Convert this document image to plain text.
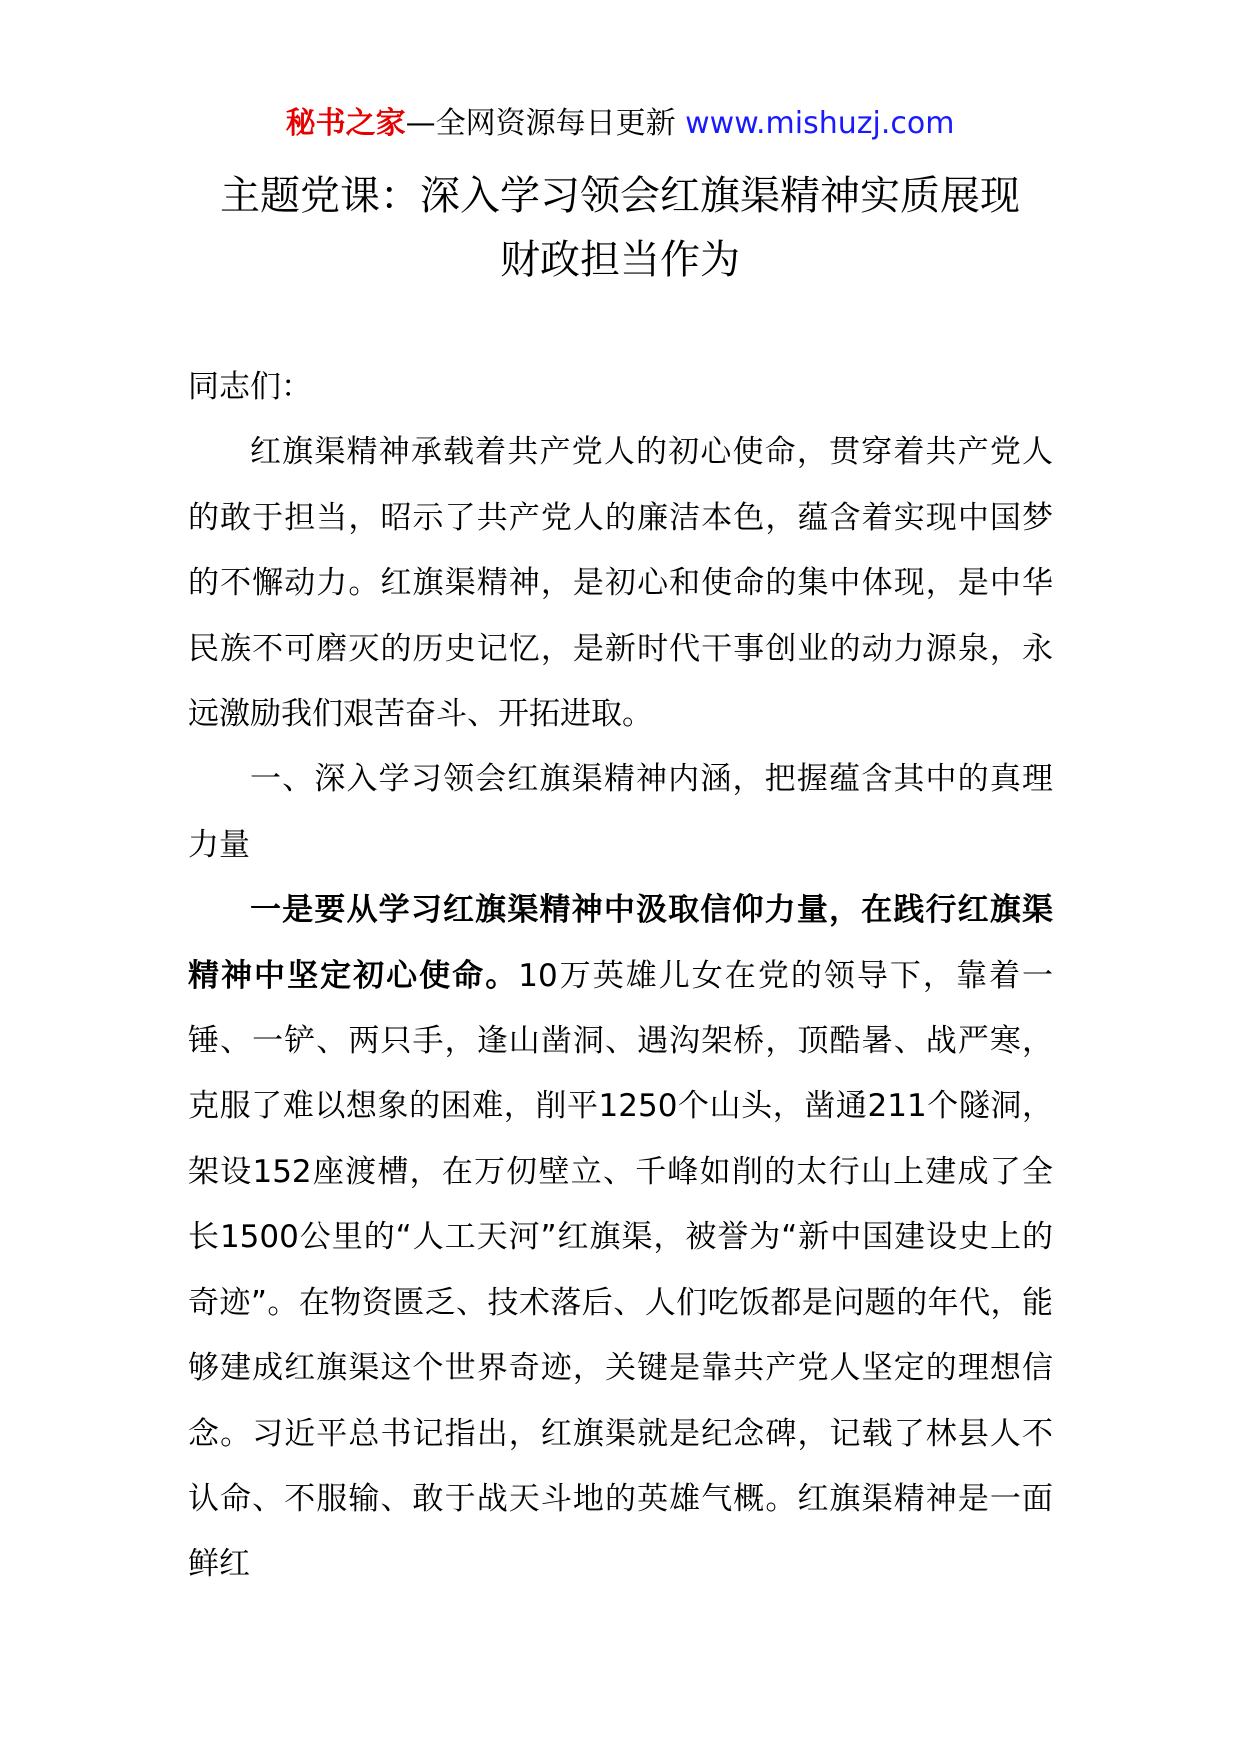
秘书之家—全网资源每日更新 www.mishuzj.com
主题党课：深入学习领会红旗渠精神实质展现
财政担当作为

同志们：

红旗渠精神承载着共产党人的初心使命，贯穿着共产党人的敢于担当，昭示了共产党人的廉洁本色，蕴含着实现中国梦的不懈动力。红旗渠精神，是初心和使命的集中体现，是中华民族不可磨灭的历史记忆，是新时代干事创业的动力源泉，永远激励我们艰苦奋斗、开拓进取。

一、深入学习领会红旗渠精神内涵，把握蕴含其中的真理力量

一是要从学习红旗渠精神中汲取信仰力量，在践行红旗渠精神中坚定初心使命。10万英雄儿女在党的领导下，靠着一锤、一铲、两只手，逢山凿洞、遇沟架桥，顶酷暑、战严寒，克服了难以想象的困难，削平1250个山头，凿通211个隧洞，架设152座渡槽，在万仞壁立、千峰如削的太行山上建成了全长1500公里的“人工天河”红旗渠，被誉为“新中国建设史上的奇迹”。在物资匮乏、技术落后、人们吃饭都是问题的年代，能够建成红旗渠这个世界奇迹，关键是靠共产党人坚定的理想信念。习近平总书记指出，红旗渠就是纪念碑，记载了林县人不认命、不服输、敢于战天斗地的英雄气概。红旗渠精神是一面鲜红
